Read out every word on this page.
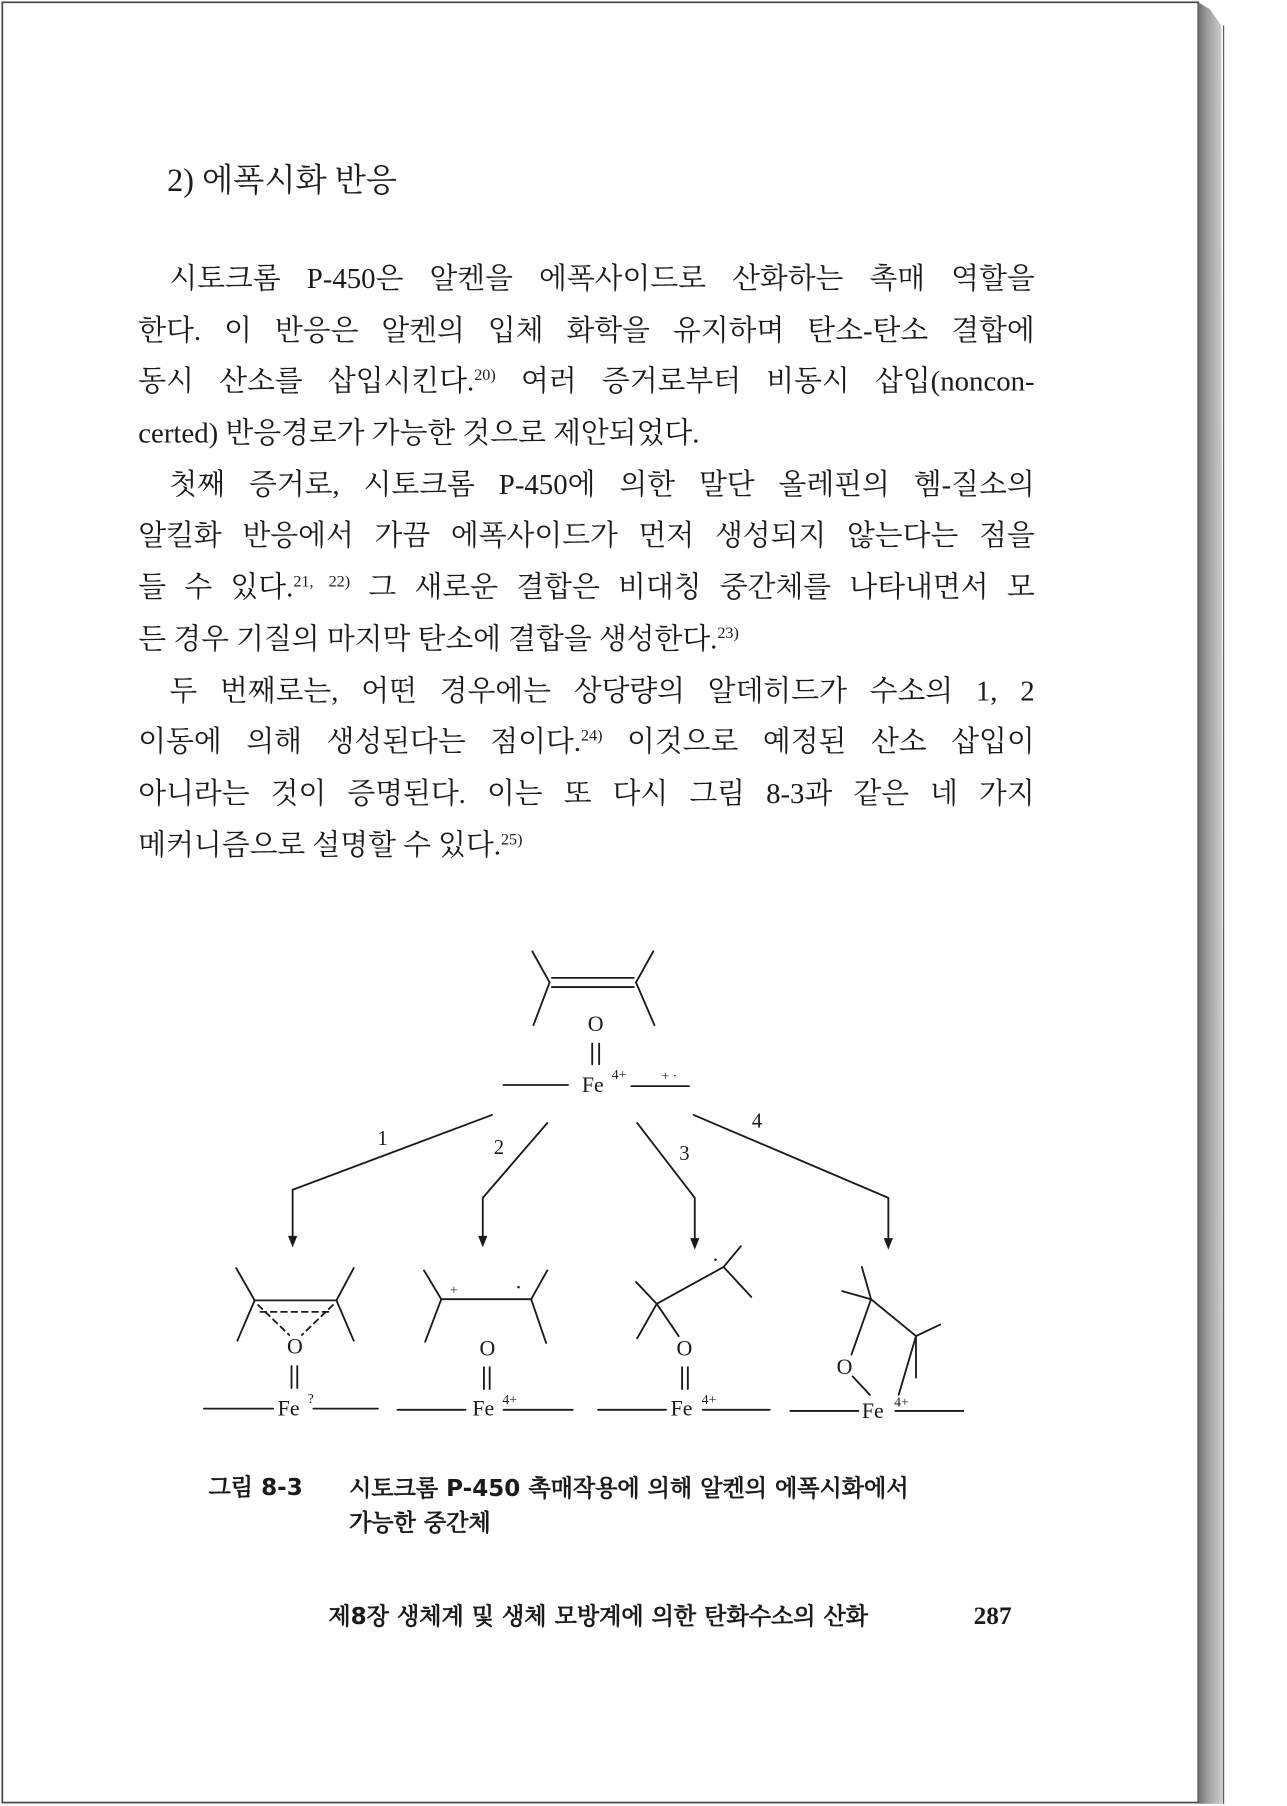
2) 에폭시화 반응
시토크롬 P-450은 알켄을 에폭사이드로 산화하는 촉매 역할을
한다. 이 반응은 알켄의 입체 화학을 유지하며 탄소-탄소 결합에
동시 산소를 삽입시킨다.$^{20)}$ 여러 증거로부터 비동시 삽입(noncon-
certed) 반응경로가 가능한 것으로 제안되었다.
첫째 증거로, 시토크롬 P-450에 의한 말단 올레핀의 헴-질소의
알킬화 반응에서 가끔 에폭사이드가 먼저 생성되지 않는다는 점을
들 수 있다.$^{21, 22)}$ 그 새로운 결합은 비대칭 중간체를 나타내면서 모
든 경우 기질의 마지막 탄소에 결합을 생성한다.$^{23)}$
두 번째로는, 어떤 경우에는 상당량의 알데히드가 수소의 1, 2
이동에 의해 생성된다는 점이다.$^{24)}$ 이것으로 예정된 산소 삽입이
아니라는 것이 증명된다. 이는 또 다시 그림 8-3과 같은 네 가지
메커니즘으로 설명할 수 있다.$^{25)}$
O
Fe 4+	+ ·
1	2	3
4
O
Fe ?
+	·
O
Fe 4+
·
O
Fe 4+
O
Fe 4+
그림 8-3 시토크롬 P-450 촉매작용에 의해 알켄의 에폭시화에서
가능한 중간체
제8장 생체계 및 생체 모방계에 의한 탄화수소의 산화	287
